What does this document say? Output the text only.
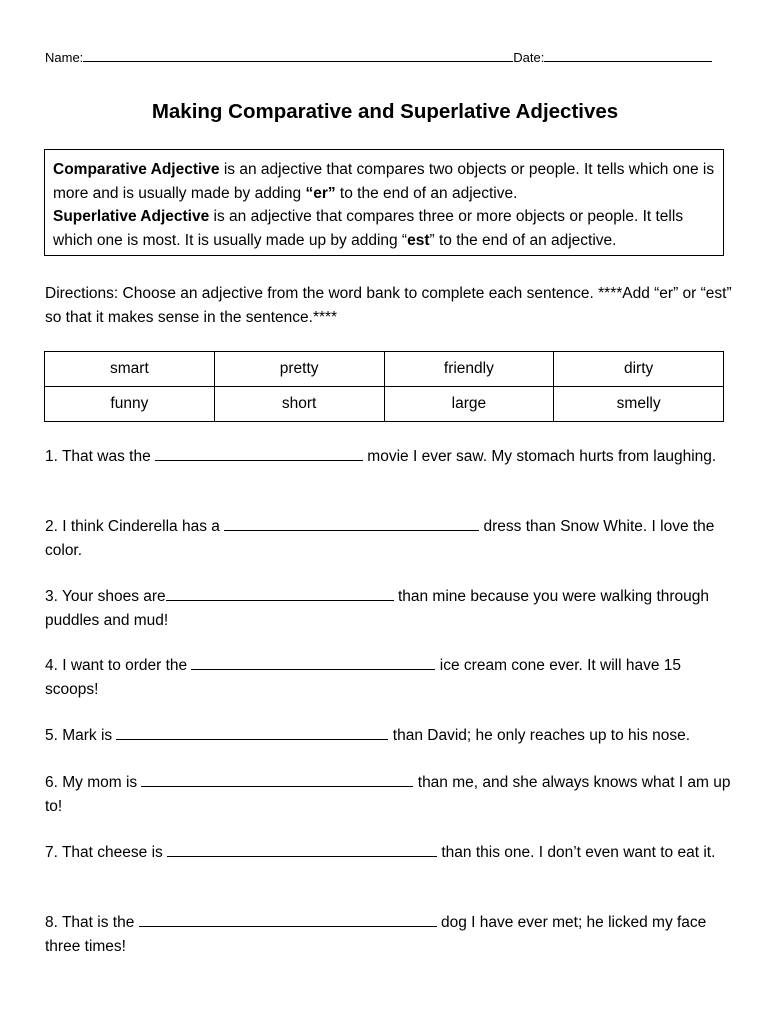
Name:	Date:
Making Comparative and Superlative Adjectives
Comparative Adjective is an adjective that compares two objects or people. It tells which one is more and is usually made by adding “er” to the end of an adjective.
Superlative Adjective is an adjective that compares three or more objects or people. It tells which one is most. It is usually made up by adding “est” to the end of an adjective.
Directions: Choose an adjective from the word bank to complete each sentence. ****Add “er” or “est” so that it makes sense in the sentence.****
smart	pretty	friendly	dirty
funny	short	large	smelly
1. That was the	movie I ever saw. My stomach hurts from laughing.
2. I think Cinderella has a	dress than Snow White. I love the color.
3. Your shoes are	than mine because you were walking through puddles and mud!
4. I want to order the	ice cream cone ever. It will have 15 scoops!
5. Mark is	than David; he only reaches up to his nose.
6. My mom is	than me, and she always knows what I am up to!
7. That cheese is	than this one. I don’t even want to eat it.
8. That is the	dog I have ever met; he licked my face three times!
